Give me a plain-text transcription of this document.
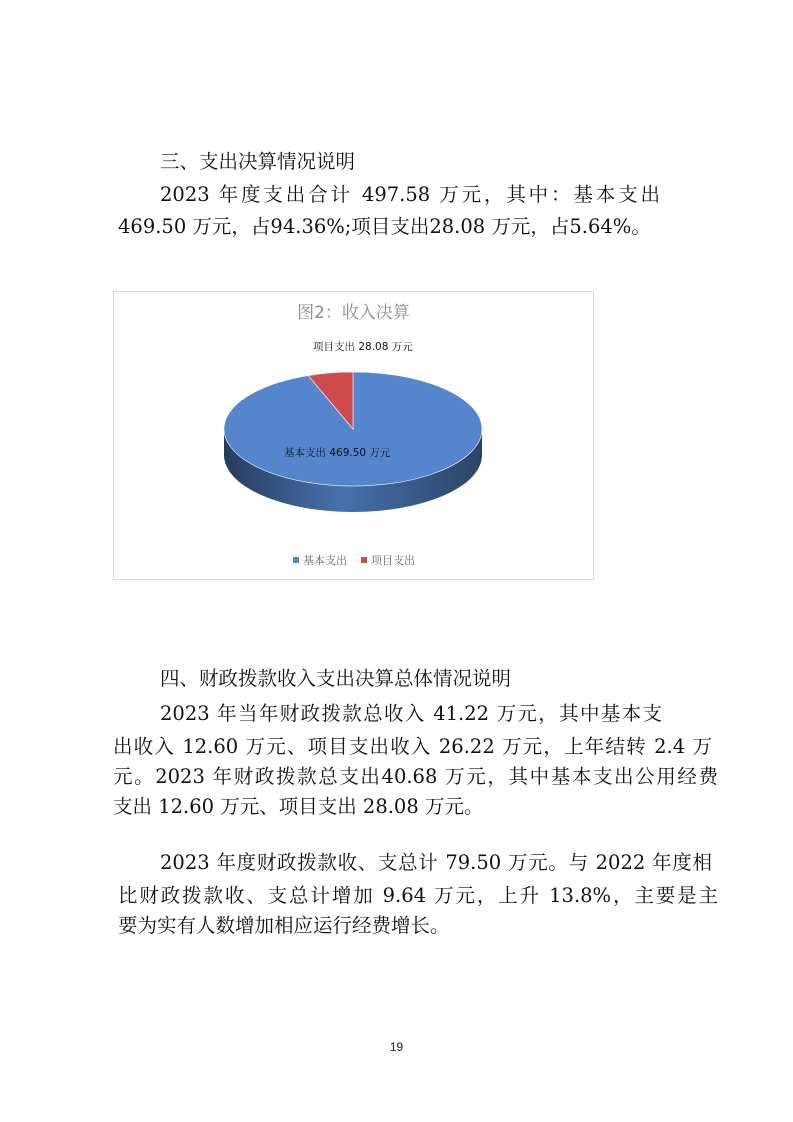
三、支出决算情况说明
2023 年度支出合计 497.58 万元，其中：基本支出
469.50 万元，占94.36%;项目支出28.08 万元，占5.64%。
图2：收入决算
基本支出 469.50 万元
项目支出 28.08 万元
基本支出 项目支出
四、财政拨款收入支出决算总体情况说明
2023 年当年财政拨款总收入 41.22 万元，其中基本支
出收入 12.60 万元、项目支出收入 26.22 万元，上年结转 2.4 万
元。2023 年财政拨款总支出40.68 万元，其中基本支出公用经费
支出 12.60 万元、项目支出 28.08 万元。
2023 年度财政拨款收、支总计 79.50 万元。与 2022 年度相
比财政拨款收、支总计增加 9.64 万元，上升 13.8%，主要是主
要为实有人数增加相应运行经费增长。
19
